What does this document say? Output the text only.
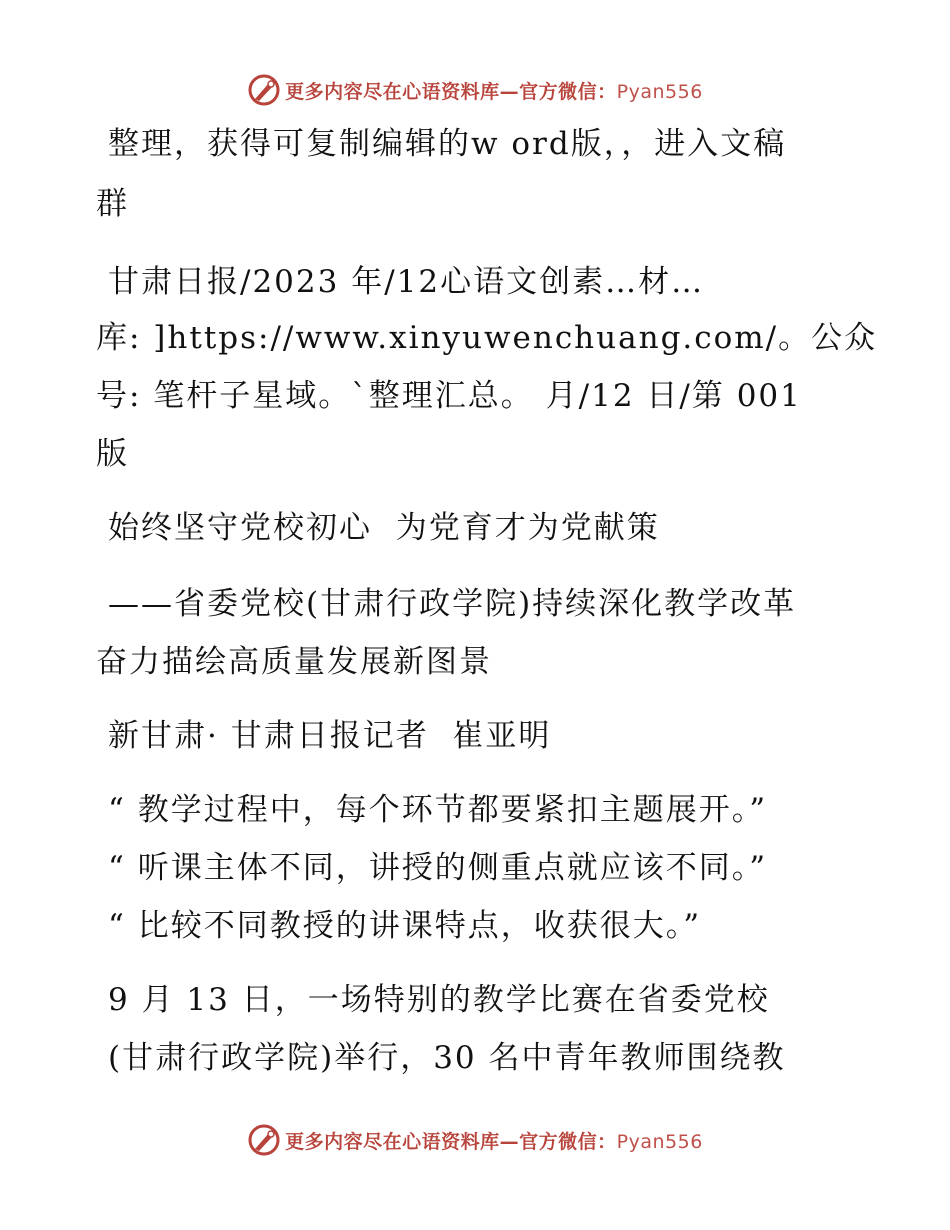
更多内容尽在心语资料库—官方微信：Pyan556
整理，获得可复制编辑的w ord版，，进入文稿
群
甘肃日报/2023 年/12心语文创素…材…
库: ]https://www.xinyuwenchuang.com/。公众
号: 笔杆子星域。`整理汇总。 月/12 日/第 001
版
始终坚守党校初心  为党育才为党献策
——省委党校(甘肃行政学院)持续深化教学改革
奋力描绘高质量发展新图景
新甘肃· 甘肃日报记者  崔亚明
“ 教学过程中，每个环节都要紧扣主题展开。”
“ 听课主体不同，讲授的侧重点就应该不同。”
“ 比较不同教授的讲课特点，收获很大。”
9 月 13 日，一场特别的教学比赛在省委党校
(甘肃行政学院)举行，30 名中青年教师围绕教
更多内容尽在心语资料库—官方微信：Pyan556
